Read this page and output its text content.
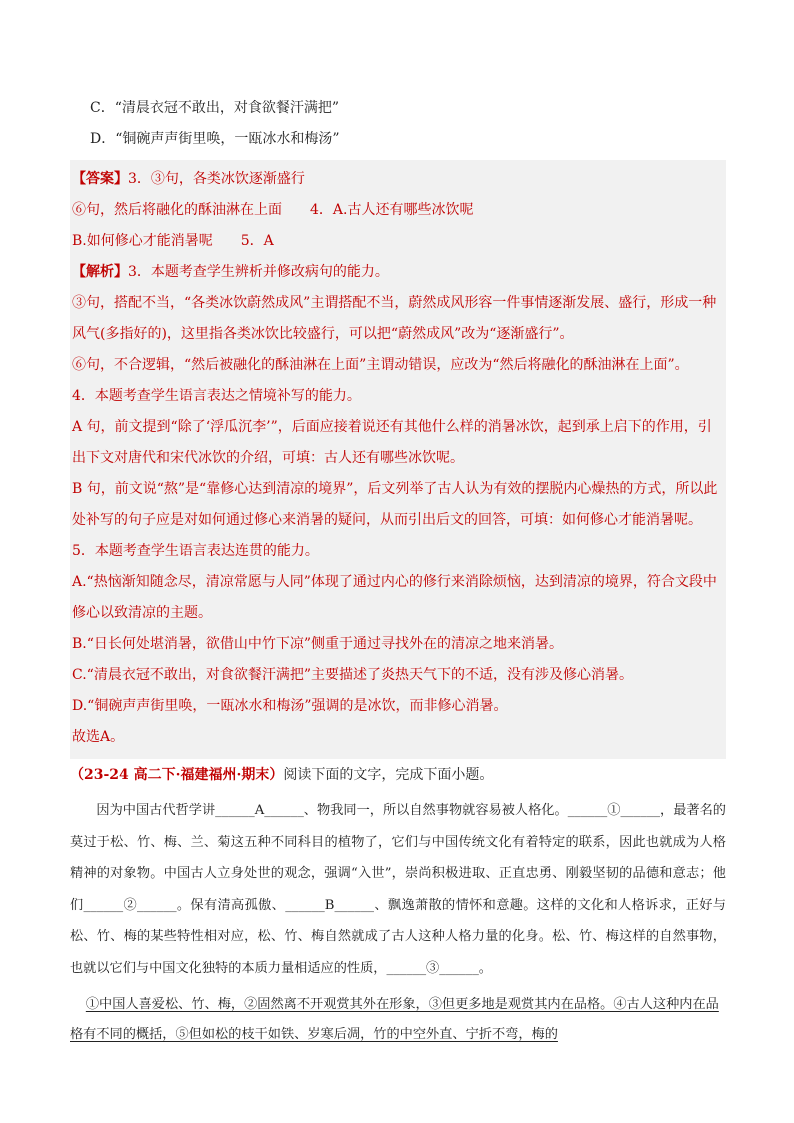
C．“清晨衣冠不敢出，对食欲餐汗满把”
D．“铜碗声声街里唤，一瓯冰水和梅汤”

【答案】3．③句，各类冰饮逐渐盛行

⑥句，然后将融化的酥油淋在上面　　4．A.古人还有哪些冰饮呢

B.如何修心才能消暑呢　　5．A

【解析】3．本题考查学生辨析并修改病句的能力。

③句，搭配不当，“各类冰饮蔚然成风”主谓搭配不当，蔚然成风形容一件事情逐渐发展、盛行，形成一种风气(多指好的)，这里指各类冰饮比较盛行，可以把“蔚然成风”改为“逐渐盛行”。

⑥句，不合逻辑，“然后被融化的酥油淋在上面”主谓动错误，应改为“然后将融化的酥油淋在上面”。

4．本题考查学生语言表达之情境补写的能力。

A 句，前文提到“除了‘浮瓜沉李’”，后面应接着说还有其他什么样的消暑冰饮，起到承上启下的作用，引出下文对唐代和宋代冰饮的介绍，可填：古人还有哪些冰饮呢。

B 句，前文说“熬”是“靠修心达到清凉的境界”，后文列举了古人认为有效的摆脱内心燥热的方式，所以此处补写的句子应是对如何通过修心来消暑的疑问，从而引出后文的回答，可填：如何修心才能消暑呢。

5．本题考查学生语言表达连贯的能力。

A.“热恼渐知随念尽，清凉常愿与人同”体现了通过内心的修行来消除烦恼，达到清凉的境界，符合文段中修心以致清凉的主题。

B.“日长何处堪消暑，欲借山中竹下凉”侧重于通过寻找外在的清凉之地来消暑。

C.“清晨衣冠不敢出，对食欲餐汗满把”主要描述了炎热天气下的不适，没有涉及修心消暑。

D.“铜碗声声街里唤，一瓯冰水和梅汤”强调的是冰饮，而非修心消暑。

故选A。

（23-24 高二下·福建福州·期末）阅读下面的文字，完成下面小题。

因为中国古代哲学讲______A______、物我同一，所以自然事物就容易被人格化。______①______，最著名的莫过于松、竹、梅、兰、菊这五种不同科目的植物了，它们与中国传统文化有着特定的联系，因此也就成为人格精神的对象物。中国古人立身处世的观念，强调“入世”，崇尚积极进取、正直忠勇、刚毅坚韧的品德和意志；他们______②______。保有清高孤傲、______B______、飘逸萧散的情怀和意趣。这样的文化和人格诉求，正好与松、竹、梅的某些特性相对应，松、竹、梅自然就成了古人这种人格力量的化身。松、竹、梅这样的自然事物，也就以它们与中国文化独特的本质力量相适应的性质，______③______。

①中国人喜爱松、竹、梅，②固然离不开观赏其外在形象，③但更多地是观赏其内在品格。④古人这种内在品格有不同的概括，⑤但如松的枝干如铁、岁寒后凋，竹的中空外直、宁折不弯，梅的
